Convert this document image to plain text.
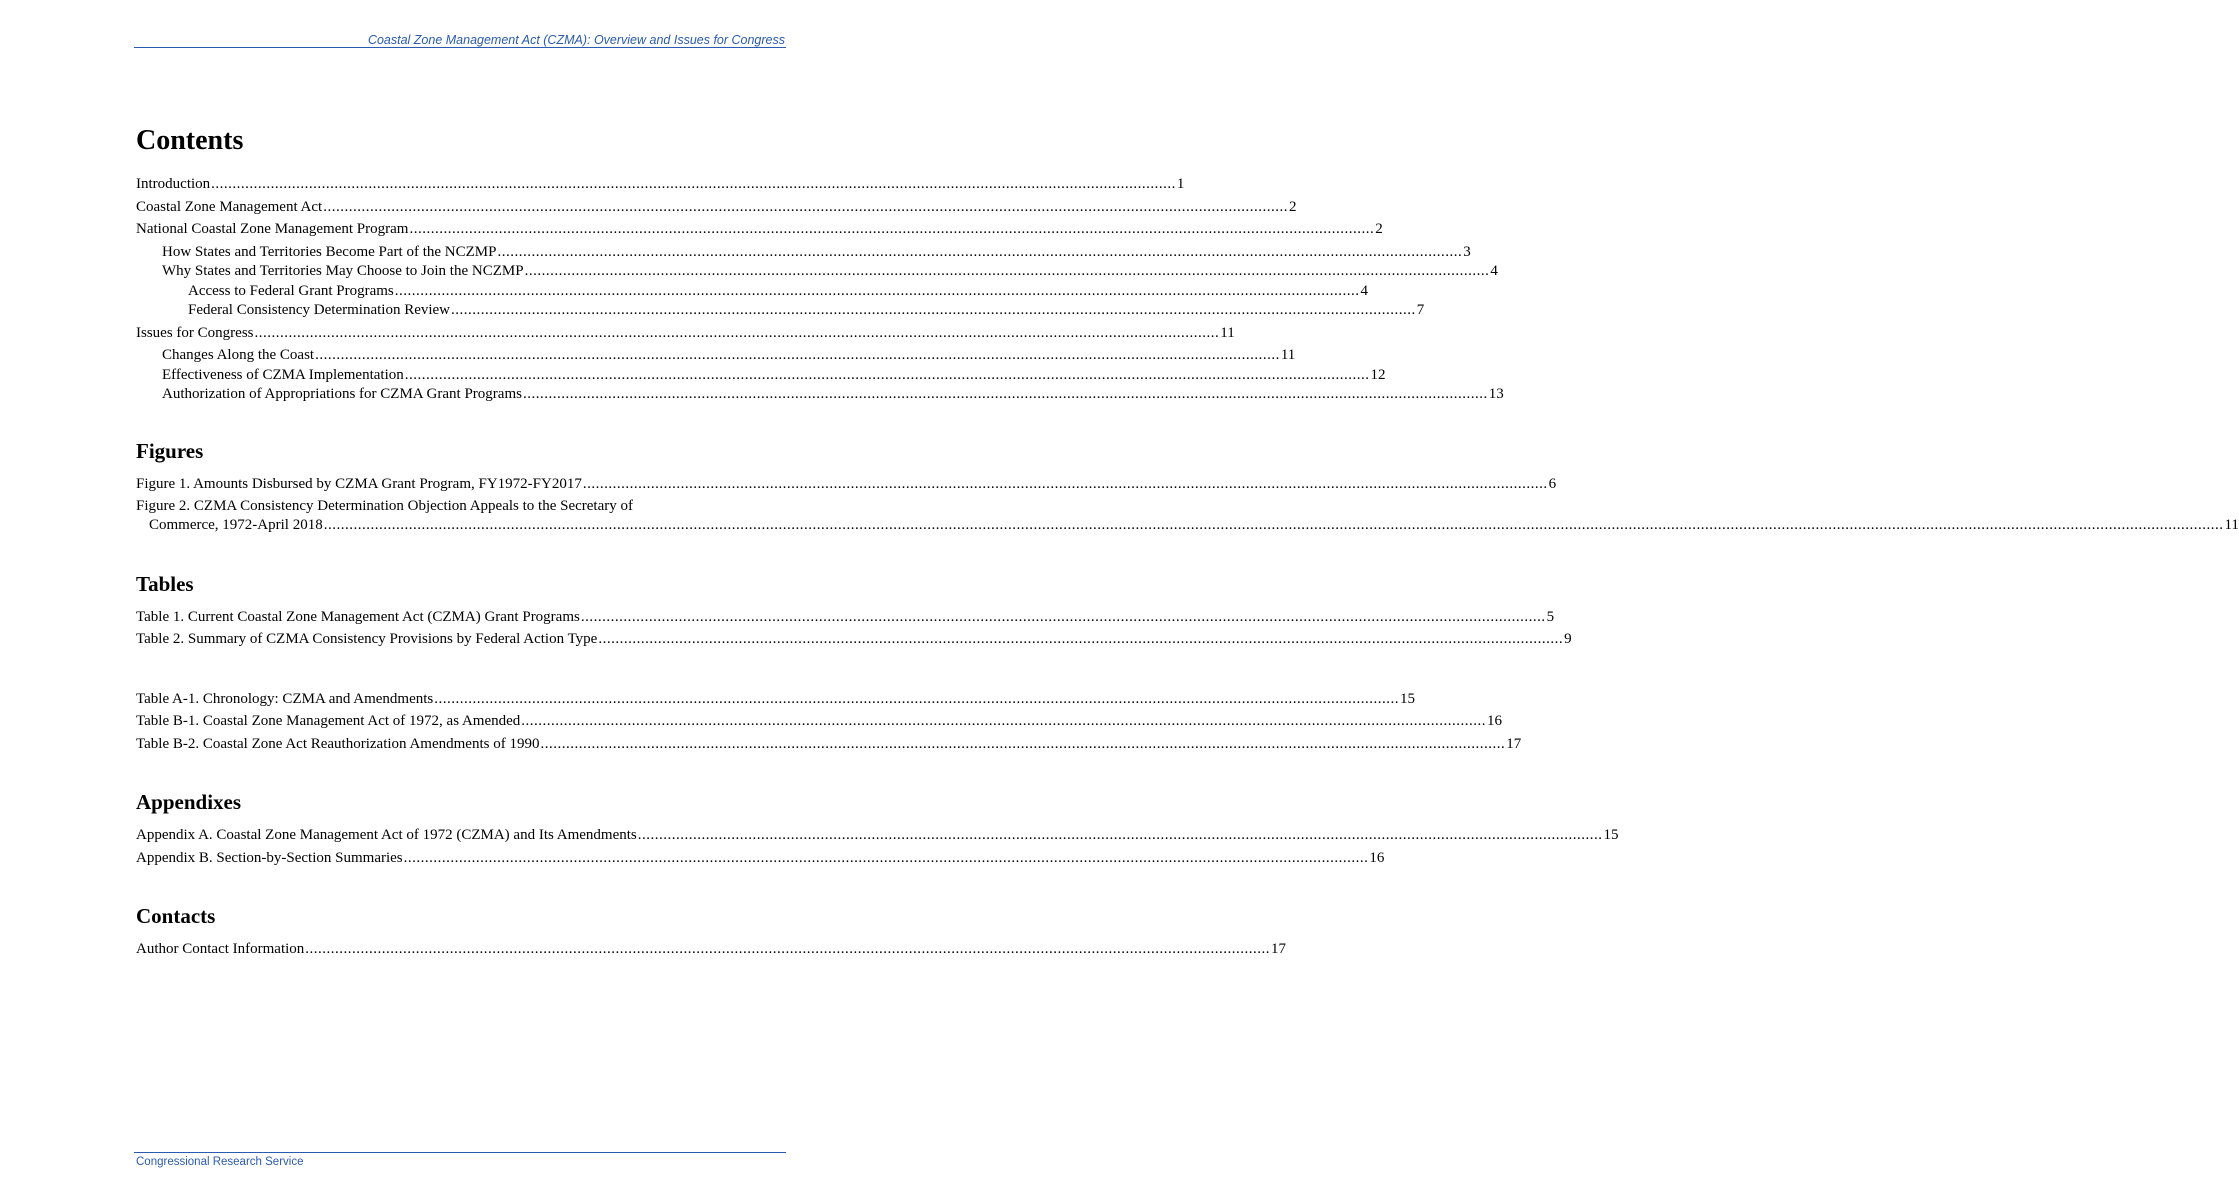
Coastal Zone Management Act (CZMA): Overview and Issues for Congress
Contents
Introduction .....	1
Coastal Zone Management Act .....	2
National Coastal Zone Management Program .....	2
How States and Territories Become Part of the NCZMP .....	3
Why States and Territories May Choose to Join the NCZMP .....	4
Access to Federal Grant Programs .....	4
Federal Consistency Determination Review .....	7
Issues for Congress .....	11
Changes Along the Coast .....	11
Effectiveness of CZMA Implementation .....	12
Authorization of Appropriations for CZMA Grant Programs .....	13
Figures
Figure 1. Amounts Disbursed by CZMA Grant Program, FY1972-FY2017 .....	6
Figure 2. CZMA Consistency Determination Objection Appeals to the Secretary of
Commerce, 1972-April 2018 ............................................................................................................................................................................................................................ .....	11
Tables
Table 1. Current Coastal Zone Management Act (CZMA) Grant Programs .....	5
Table 2. Summary of CZMA Consistency Provisions by Federal Action Type .....	9
Table A-1. Chronology: CZMA and Amendments .....	15
Table B-1. Coastal Zone Management Act of 1972, as Amended .....	16
Table B-2. Coastal Zone Act Reauthorization Amendments of 1990 .....	17
Appendixes
Appendix A. Coastal Zone Management Act of 1972 (CZMA) and Its Amendments .....	15
Appendix B. Section-by-Section Summaries .....	16
Contacts
Author Contact Information .....	17
Congressional Research Service
